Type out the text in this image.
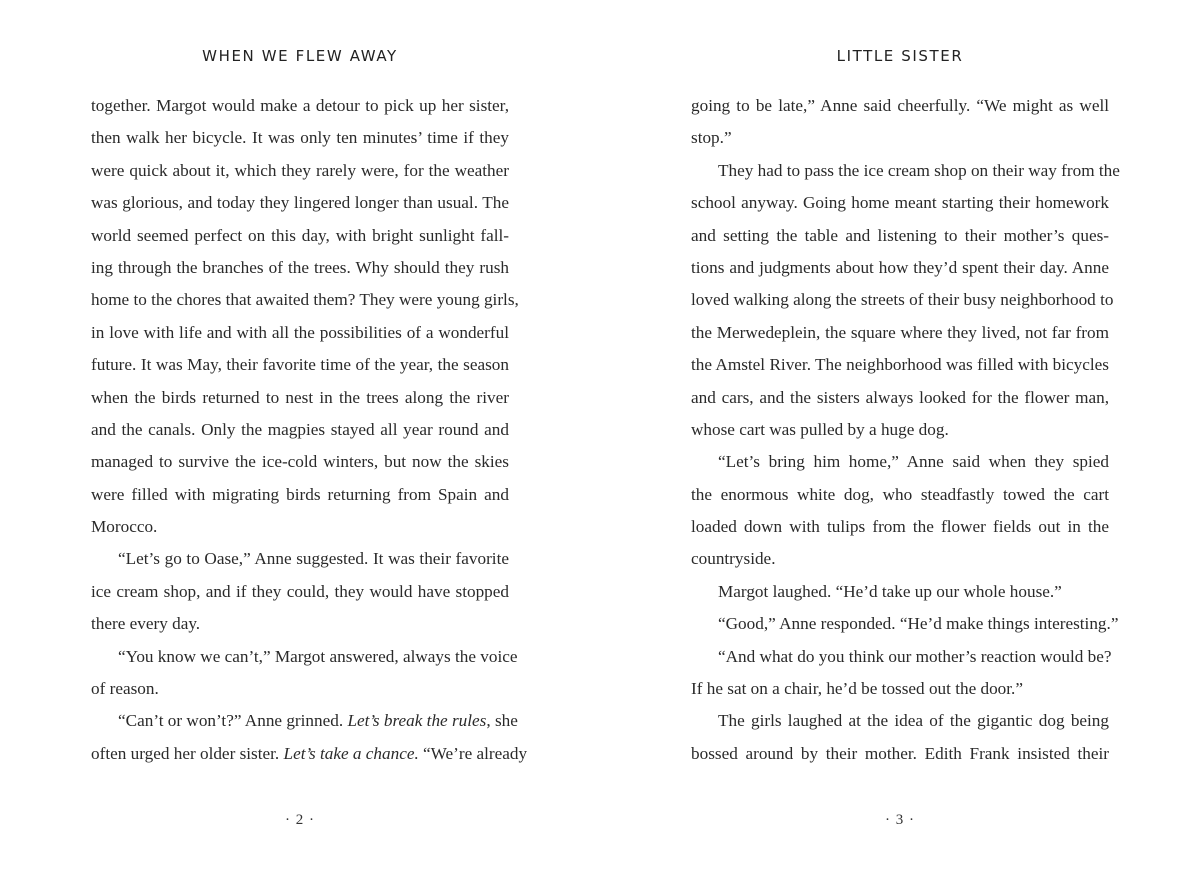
WHEN WE FLEW AWAY
together. Margot would make a detour to pick up her sister,
then walk her bicycle. It was only ten minutes’ time if they
were quick about it, which they rarely were, for the weather
was glorious, and today they lingered longer than usual. The
world seemed perfect on this day, with bright sunlight fall-
ing through the branches of the trees. Why should they rush
home to the chores that awaited them? They were young girls,
in love with life and with all the possibilities of a wonderful
future. It was May, their favorite time of the year, the season
when the birds returned to nest in the trees along the river
and the canals. Only the magpies stayed all year round and
managed to survive the ice-cold winters, but now the skies
were filled with migrating birds returning from Spain and
Morocco.
“Let’s go to Oase,” Anne suggested. It was their favorite
ice cream shop, and if they could, they would have stopped
there every day.
“You know we can’t,” Margot answered, always the voice
of reason.
“Can’t or won’t?” Anne grinned. Let’s break the rules, she
often urged her older sister. Let’s take a chance. “We’re already
· 2 ·
LITTLE SISTER
going to be late,” Anne said cheerfully. “We might as well
stop.”
They had to pass the ice cream shop on their way from the
school anyway. Going home meant starting their homework
and setting the table and listening to their mother’s ques-
tions and judgments about how they’d spent their day. Anne
loved walking along the streets of their busy neighborhood to
the Merwedeplein, the square where they lived, not far from
the Amstel River. The neighborhood was filled with bicycles
and cars, and the sisters always looked for the flower man,
whose cart was pulled by a huge dog.
“Let’s bring him home,” Anne said when they spied
the enormous white dog, who steadfastly towed the cart
loaded down with tulips from the flower fields out in the
countryside.
Margot laughed. “He’d take up our whole house.”
“Good,” Anne responded. “He’d make things interesting.”
“And what do you think our mother’s reaction would be?
If he sat on a chair, he’d be tossed out the door.”
The girls laughed at the idea of the gigantic dog being
bossed around by their mother. Edith Frank insisted their
· 3 ·
